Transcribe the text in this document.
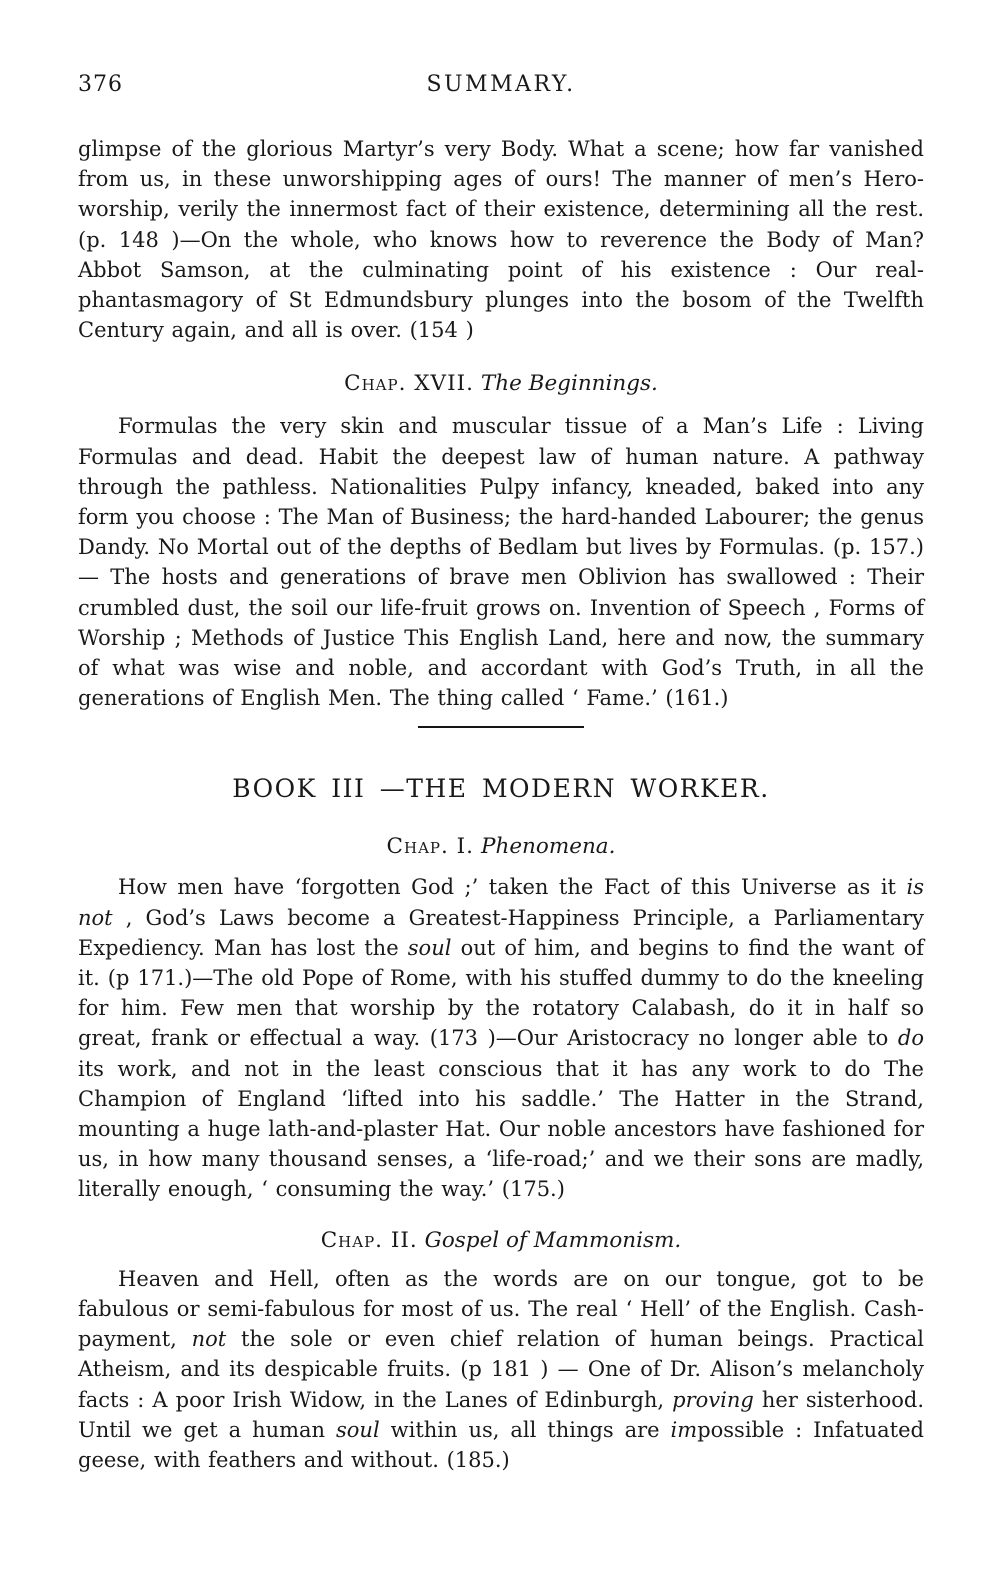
376	SUMMARY.

glimpse of the glorious Martyr’s very Body. What a scene; how far vanished from us, in these unworshipping ages of ours! The manner of men’s Hero-worship, verily the innermost fact of their existence, determining all the rest. (p. 148 )—On the whole, who knows how to reverence the Body of Man? Abbot Samson, at the culminating point of his existence : Our real-phantasmagory of St Edmundsbury plunges into the bosom of the Twelfth Century again, and all is over. (154 )

Chap. XVII. The Beginnings.

Formulas the very skin and muscular tissue of a Man’s Life : Living Formulas and dead. Habit the deepest law of human nature. A pathway through the pathless. Nationalities Pulpy infancy, kneaded, baked into any form you choose : The Man of Business; the hard-handed Labourer; the genus Dandy. No Mortal out of the depths of Bedlam but lives by Formulas. (p. 157.) — The hosts and generations of brave men Oblivion has swallowed : Their crumbled dust, the soil our life-fruit grows on. Invention of Speech , Forms of Worship ; Methods of Justice This English Land, here and now, the summary of what was wise and noble, and accordant with God’s Truth, in all the generations of English Men. The thing called ‘ Fame.’ (161.)

BOOK III —THE MODERN WORKER.
Chap. I. Phenomena.

How men have ‘forgotten God ;’ taken the Fact of this Universe as it is not , God’s Laws become a Greatest-Happiness Principle, a Parliamentary Expediency. Man has lost the soul out of him, and begins to find the want of it. (p 171.)—The old Pope of Rome, with his stuffed dummy to do the kneeling for him. Few men that worship by the rotatory Calabash, do it in half so great, frank or effectual a way. (173 )—Our Aristocracy no longer able to do its work, and not in the least conscious that it has any work to do The Champion of England ‘lifted into his saddle.’ The Hatter in the Strand, mounting a huge lath-and-plaster Hat. Our noble ancestors have fashioned for us, in how many thousand senses, a ‘life-road;’ and we their sons are madly, literally enough, ‘ consuming the way.’ (175.)

Chap. II. Gospel of Mammonism.

Heaven and Hell, often as the words are on our tongue, got to be fabulous or semi-fabulous for most of us. The real ‘ Hell’ of the English. Cash-payment, not the sole or even chief relation of human beings. Practical Atheism, and its despicable fruits. (p 181 ) — One of Dr. Alison’s melancholy facts : A poor Irish Widow, in the Lanes of Edinburgh, proving her sisterhood. Until we get a human soul within us, all things are impossible : Infatuated geese, with feathers and without. (185.)
